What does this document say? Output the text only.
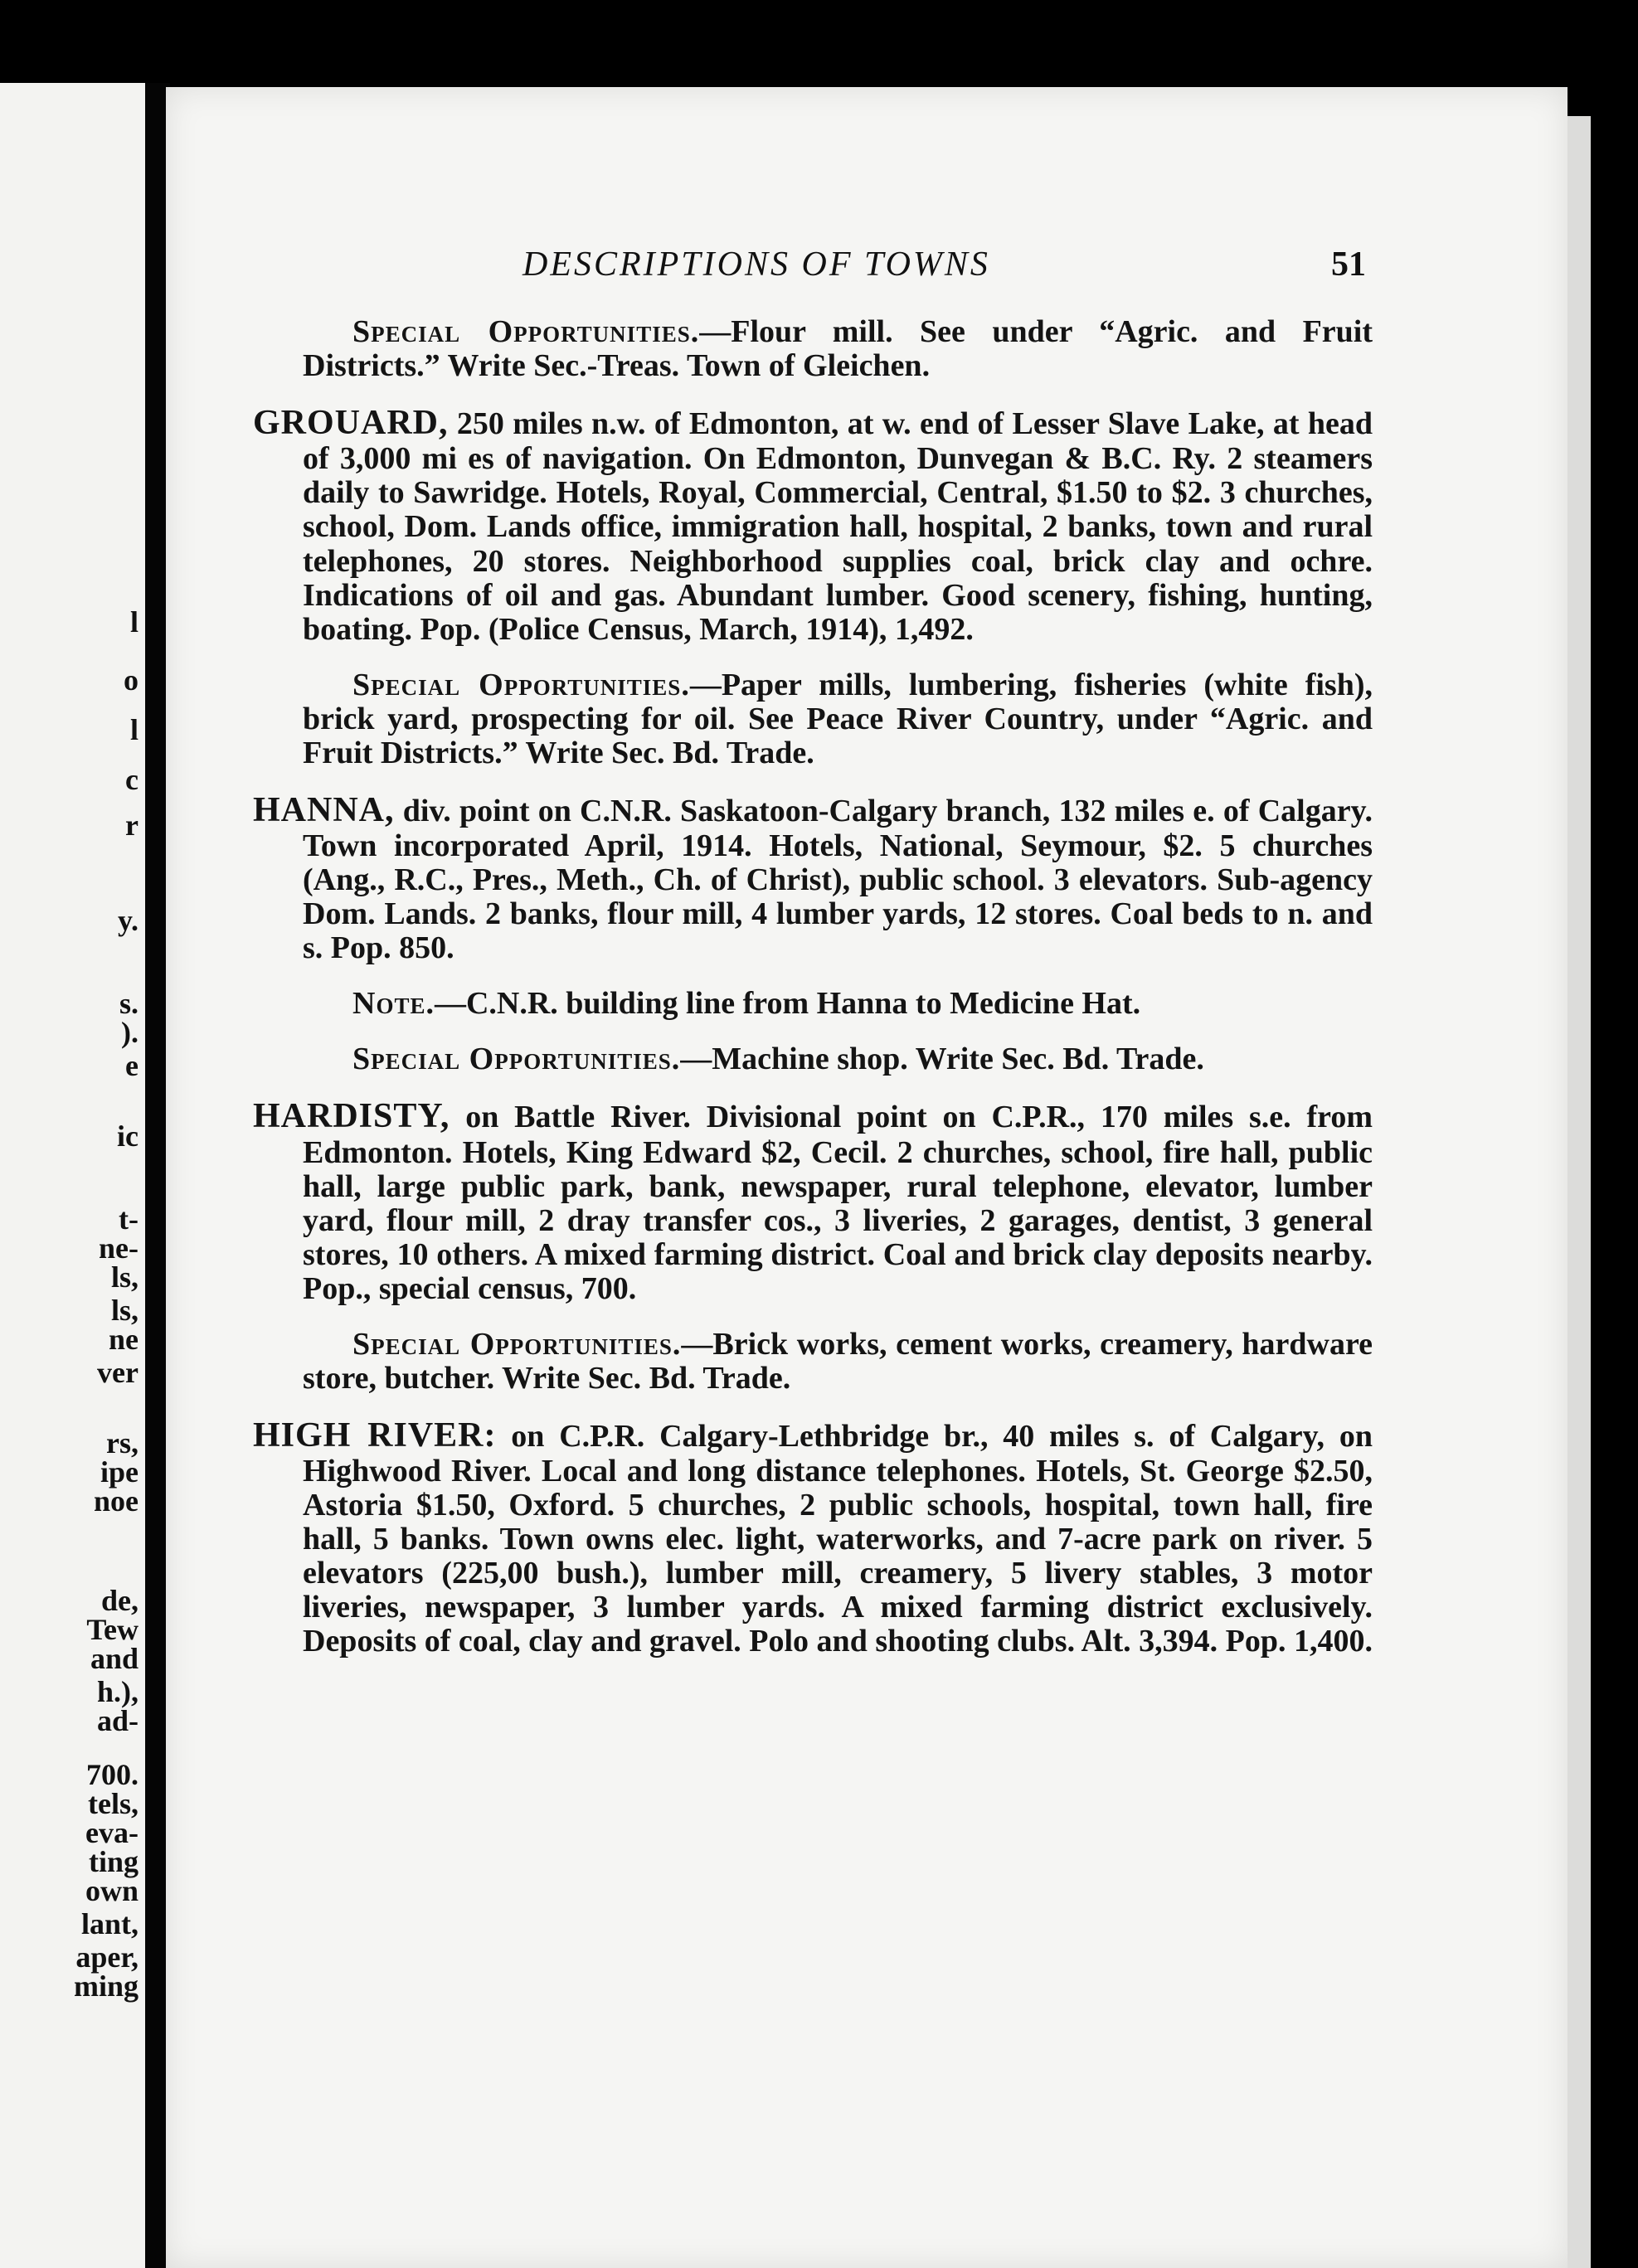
l
o
l
c
r
y.
s.
).
e
ic
t-
ne-
ls,
ls,
ne
ver
rs,
ipe
noe
de,
Tew
and
h.),
ad-
700.
tels,
eva-
ting
own
lant,
aper,
ming
DESCRIPTIONS OF TOWNS	51

Special Opportunities.—Flour mill. See under “Agric. and Fruit Districts.” Write Sec.-Treas. Town of Gleichen.

GROUARD, 250 miles n.w. of Edmonton, at w. end of Lesser Slave Lake, at head of 3,000 mi es of navigation. On Edmonton, Dunvegan & B.C. Ry. 2 steamers daily to Sawridge. Hotels, Royal, Commercial, Central, $1.50 to $2. 3 churches, school, Dom. Lands office, immigration hall, hospital, 2 banks, town and rural telephones, 20 stores. Neighborhood supplies coal, brick clay and ochre. Indications of oil and gas. Abundant lumber. Good scenery, fishing, hunting, boating. Pop. (Police Census, March, 1914), 1,492.

Special Opportunities.—Paper mills, lumbering, fisheries (white fish), brick yard, prospecting for oil. See Peace River Country, under “Agric. and Fruit Districts.” Write Sec. Bd. Trade.

HANNA, div. point on C.N.R. Saskatoon-Calgary branch, 132 miles e. of Calgary. Town incorporated April, 1914. Hotels, National, Seymour, $2. 5 churches (Ang., R.C., Pres., Meth., Ch. of Christ), public school. 3 elevators. Sub-agency Dom. Lands. 2 banks, flour mill, 4 lumber yards, 12 stores. Coal beds to n. and s. Pop. 850.

Note.—C.N.R. building line from Hanna to Medicine Hat.

Special Opportunities.—Machine shop. Write Sec. Bd. Trade.

HARDISTY, on Battle River. Divisional point on C.P.R., 170 miles s.e. from Edmonton. Hotels, King Edward $2, Cecil. 2 churches, school, fire hall, public hall, large public park, bank, newspaper, rural telephone, elevator, lumber yard, flour mill, 2 dray transfer cos., 3 liveries, 2 garages, dentist, 3 general stores, 10 others. A mixed farming district. Coal and brick clay deposits nearby. Pop., special census, 700.

Special Opportunities.—Brick works, cement works, creamery, hardware store, butcher. Write Sec. Bd. Trade.

HIGH RIVER: on C.P.R. Calgary-Lethbridge br., 40 miles s. of Calgary, on Highwood River. Local and long distance telephones. Hotels, St. George $2.50, Astoria $1.50, Oxford. 5 churches, 2 public schools, hospital, town hall, fire hall, 5 banks. Town owns elec. light, waterworks, and 7-acre park on river. 5 elevators (225,00 bush.), lumber mill, creamery, 5 livery stables, 3 motor liveries, newspaper, 3 lumber yards. A mixed farming district exclusively. Deposits of coal, clay and gravel. Polo and shooting clubs. Alt. 3,394. Pop. 1,400.
